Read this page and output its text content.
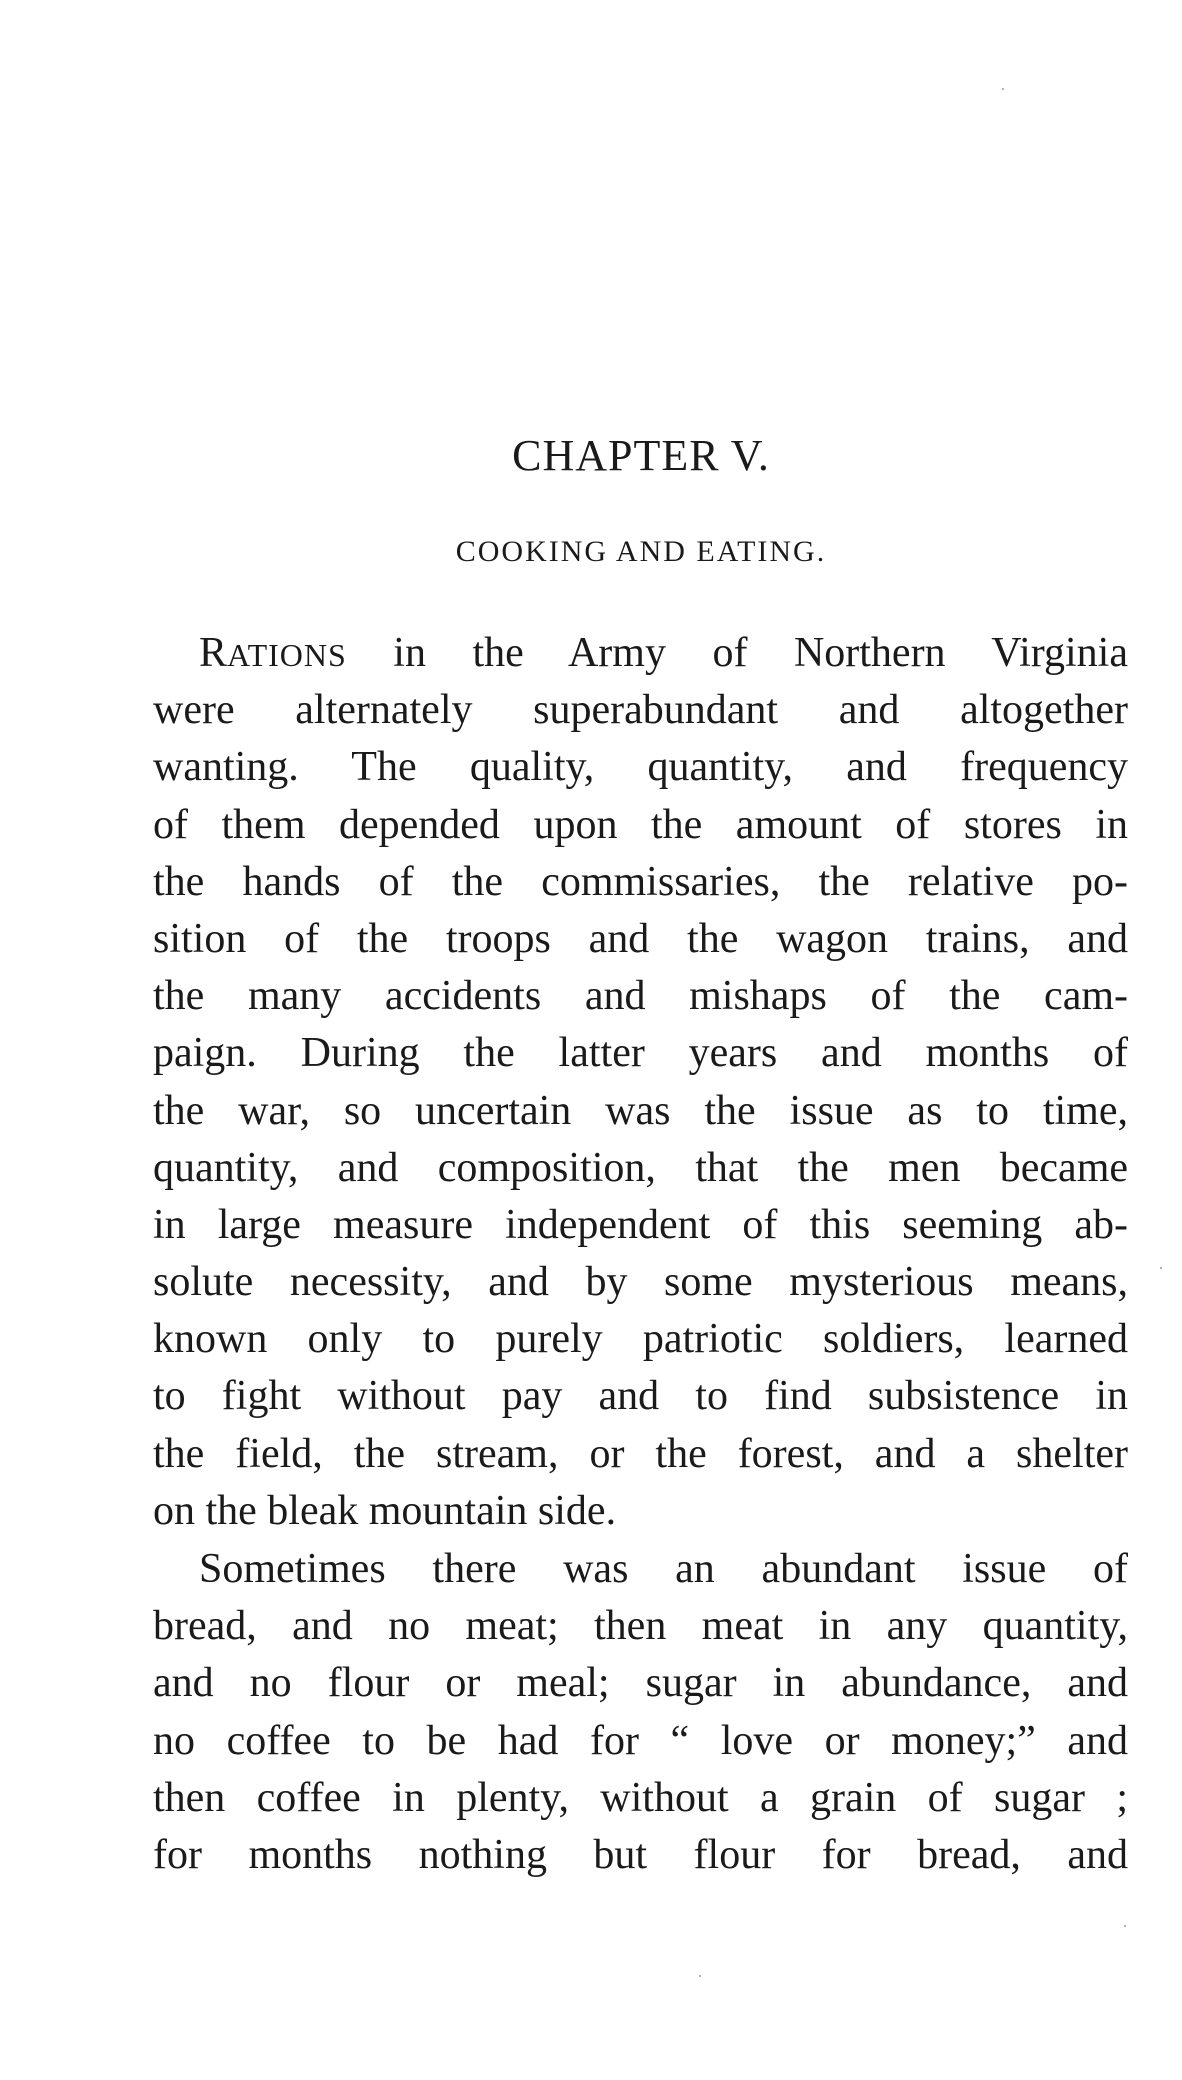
CHAPTER V.
COOKING AND EATING.
RATIONS in the Army of Northern Virginia
were alternately superabundant and altogether
wanting. The quality, quantity, and frequency
of them depended upon the amount of stores in
the hands of the commissaries, the relative po-
sition of the troops and the wagon trains, and
the many accidents and mishaps of the cam-
paign. During the latter years and months of
the war, so uncertain was the issue as to time,
quantity, and composition, that the men became
in large measure independent of this seeming ab-
solute necessity, and by some mysterious means,
known only to purely patriotic soldiers, learned
to fight without pay and to find subsistence in
the field, the stream, or the forest, and a shelter
on the bleak mountain side.
Sometimes there was an abundant issue of
bread, and no meat; then meat in any quantity,
and no flour or meal; sugar in abundance, and
no coffee to be had for “ love or money;” and
then coffee in plenty, without a grain of sugar ;
for months nothing but flour for bread, and
